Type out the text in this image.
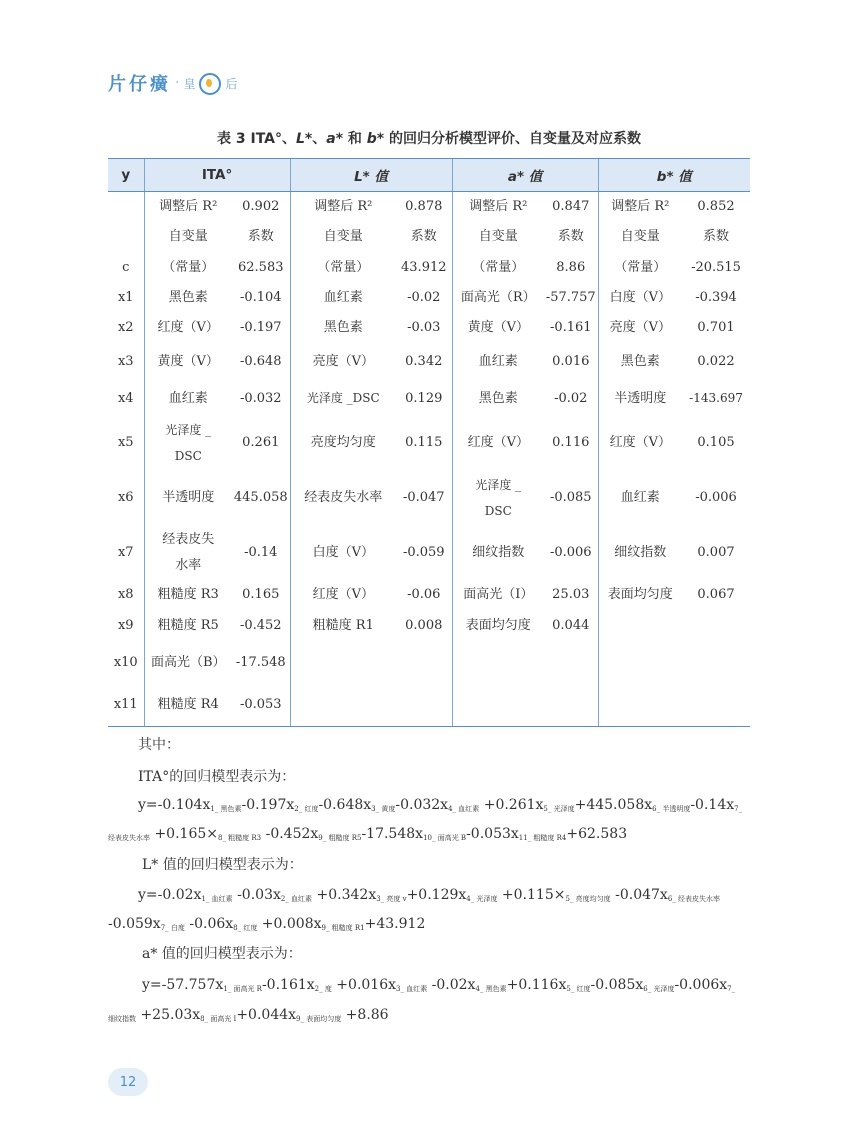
片仔癀 · 皇	后
表 3 ITA°、L*、a* 和 b* 的回归分析模型评价、自变量及对应系数
y	ITA°		L* 值		a* 值		b* 值	
	调整后 R²	0.902	调整后 R²	0.878	调整后 R²	0.847	调整后 R²	0.852
	自变量	系数	自变量	系数	自变量	系数	自变量	系数
c	（常量）	62.583	（常量）	43.912	（常量）	8.86	（常量）	-20.515
x1	黑色素	-0.104	血红素	-0.02	面高光（R）	-57.757	白度（V）	-0.394
x2	红度（V）	-0.197	黑色素	-0.03	黄度（V）	-0.161	亮度（V）	0.701
x3	黄度（V）	-0.648	亮度（V）	0.342	血红素	0.016	黑色素	0.022
x4	血红素	-0.032	光泽度 _DSC	0.129	黑色素	-0.02	半透明度	-143.697
x5	光泽度 _
DSC	0.261	亮度均匀度	0.115	红度（V）	0.116	红度（V）	0.105
x6	半透明度	445.058	经表皮失水率	-0.047	光泽度 _
DSC	-0.085	血红素	-0.006
x7	经表皮失
水率	-0.14	白度（V）	-0.059	细纹指数	-0.006	细纹指数	0.007
x8	粗糙度 R3	0.165	红度（V）	-0.06	面高光（I）	25.03	表面均匀度	0.067
x9	粗糙度 R5	-0.452	粗糙度 R1	0.008	表面均匀度	0.044		
x10	面高光（B）	-17.548						
x11	粗糙度 R4	-0.053						
其中：
ITA°的回归模型表示为：
$y=-0.104x_{1\_ 黑色素}-0.197x_{2\_ 红度}-0.648x_{3\_ 黄度}-0.032x_{4\_ 血红素} +0.261x_{5\_ 光泽度}+445.058x_{6\_ 半透明度}-0.14x_{7\_}$
$_{经表皮失水率} +0.165\times_{8\_ 粗糙度 R3}$ $-0.452x_{9\_ 粗糙度 R5}-17.548x_{10\_ 面高光 B}-0.053x_{11\_ 粗糙度 R4}+62.583$
L* 值的回归模型表示为：
$y=-0.02x_{1\_ 血红素}$ $-0.03x_{2\_ 血红素} +0.342x_{3\_ 亮度 v}+0.129x_{4\_ 光泽度} +0.115\times_{5\_ 亮度均匀度}$ $-0.047x_{6\_ 经表皮失水率}$
$-0.059x_{7\_ 白度}$ $-0.06x_{8\_ 红度} +0.008x_{9\_ 粗糙度 R1}+43.912$
a* 值的回归模型表示为：
$y=-57.757x_{1\_ 面高光 R}-0.161x_{2\_ 度} +0.016x_{3\_ 血红素}$ $-0.02x_{4\_ 黑色素}+0.116x_{5\_ 红度}-0.085x_{6\_ 光泽度}-0.006x_{7\_}$
$_{细纹指数} +25.03x_{8\_ 面高光 I}+0.044x_{9\_ 表面均匀度} +8.86$
12
